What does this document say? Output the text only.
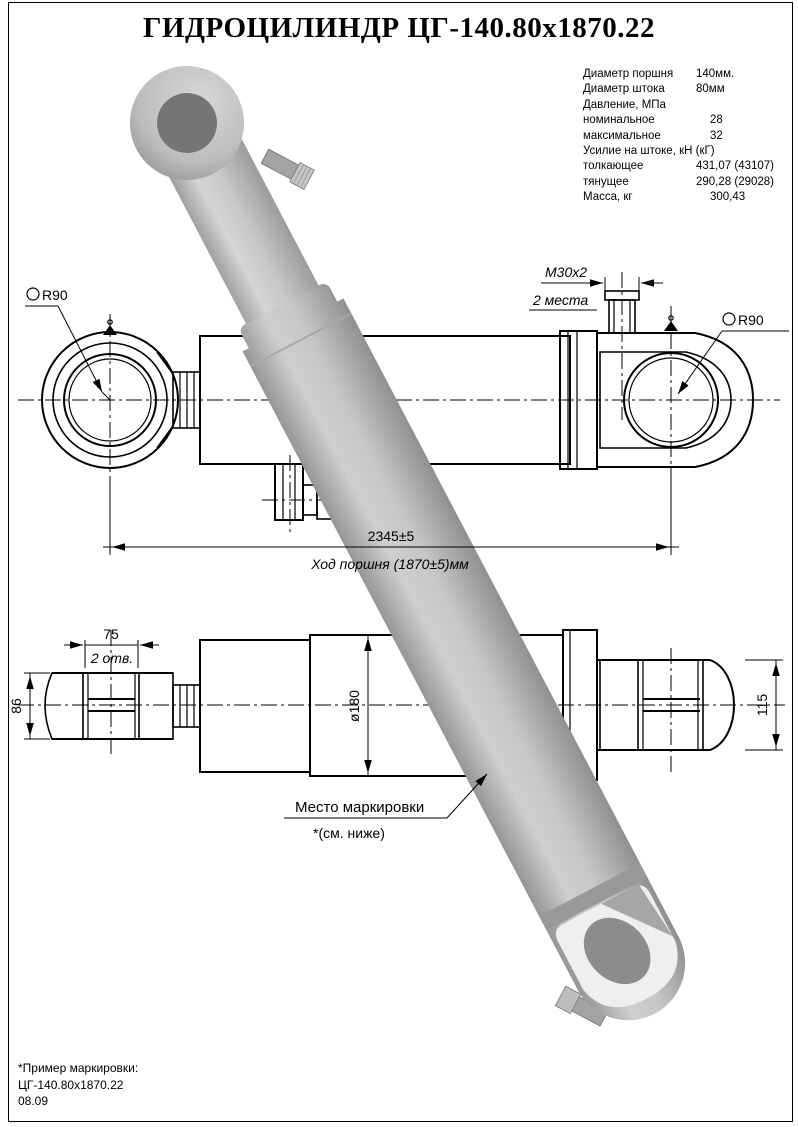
ГИДРОЦИЛИНДР ЦГ-140.80х1870.22
Диаметр поршня	140мм.
Диаметр штока	80мм
Давление, МПа
номинальное	28
максимальное	32
Усилие на штоке, кН (кГ)
толкающее	431,07 (43107)
тянущее	290,28 (29028)
Масса, кг	300,43
М30х2
2 места
R90
R90
75
2 отв.
86	ø180	115
2345±5
Ход поршня (1870±5)мм
Место маркировки
*(см. ниже)
*Пример маркировки:
ЦГ-140.80х1870.22
08.09
